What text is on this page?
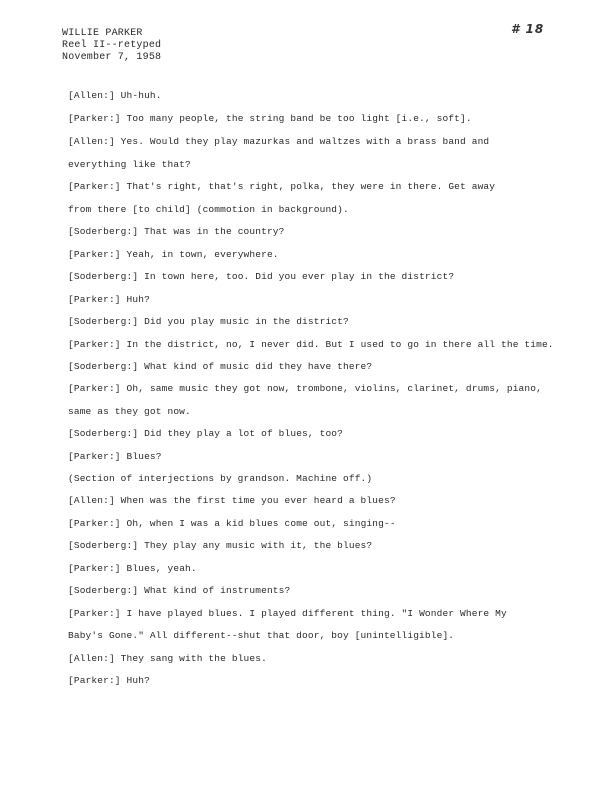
WILLIE PARKER
Reel II--retyped
November 7, 1958
# 18
[Allen:] Uh-huh.
[Parker:] Too many people, the string band be too light [i.e., soft].
[Allen:] Yes. Would they play mazurkas and waltzes with a brass band and
everything like that?
[Parker:] That's right, that's right, polka, they were in there. Get away
from there [to child] (commotion in background).
[Soderberg:] That was in the country?
[Parker:] Yeah, in town, everywhere.
[Soderberg:] In town here, too. Did you ever play in the district?
[Parker:] Huh?
[Soderberg:] Did you play music in the district?
[Parker:] In the district, no, I never did. But I used to go in there all the time.
[Soderberg:] What kind of music did they have there?
[Parker:] Oh, same music they got now, trombone, violins, clarinet, drums, piano,
same as they got now.
[Soderberg:] Did they play a lot of blues, too?
[Parker:] Blues?
(Section of interjections by grandson. Machine off.)
[Allen:] When was the first time you ever heard a blues?
[Parker:] Oh, when I was a kid blues come out, singing--
[Soderberg:] They play any music with it, the blues?
[Parker:] Blues, yeah.
[Soderberg:] What kind of instruments?
[Parker:] I have played blues. I played different thing. "I Wonder Where My
Baby's Gone." All different--shut that door, boy [unintelligible].
[Allen:] They sang with the blues.
[Parker:] Huh?
